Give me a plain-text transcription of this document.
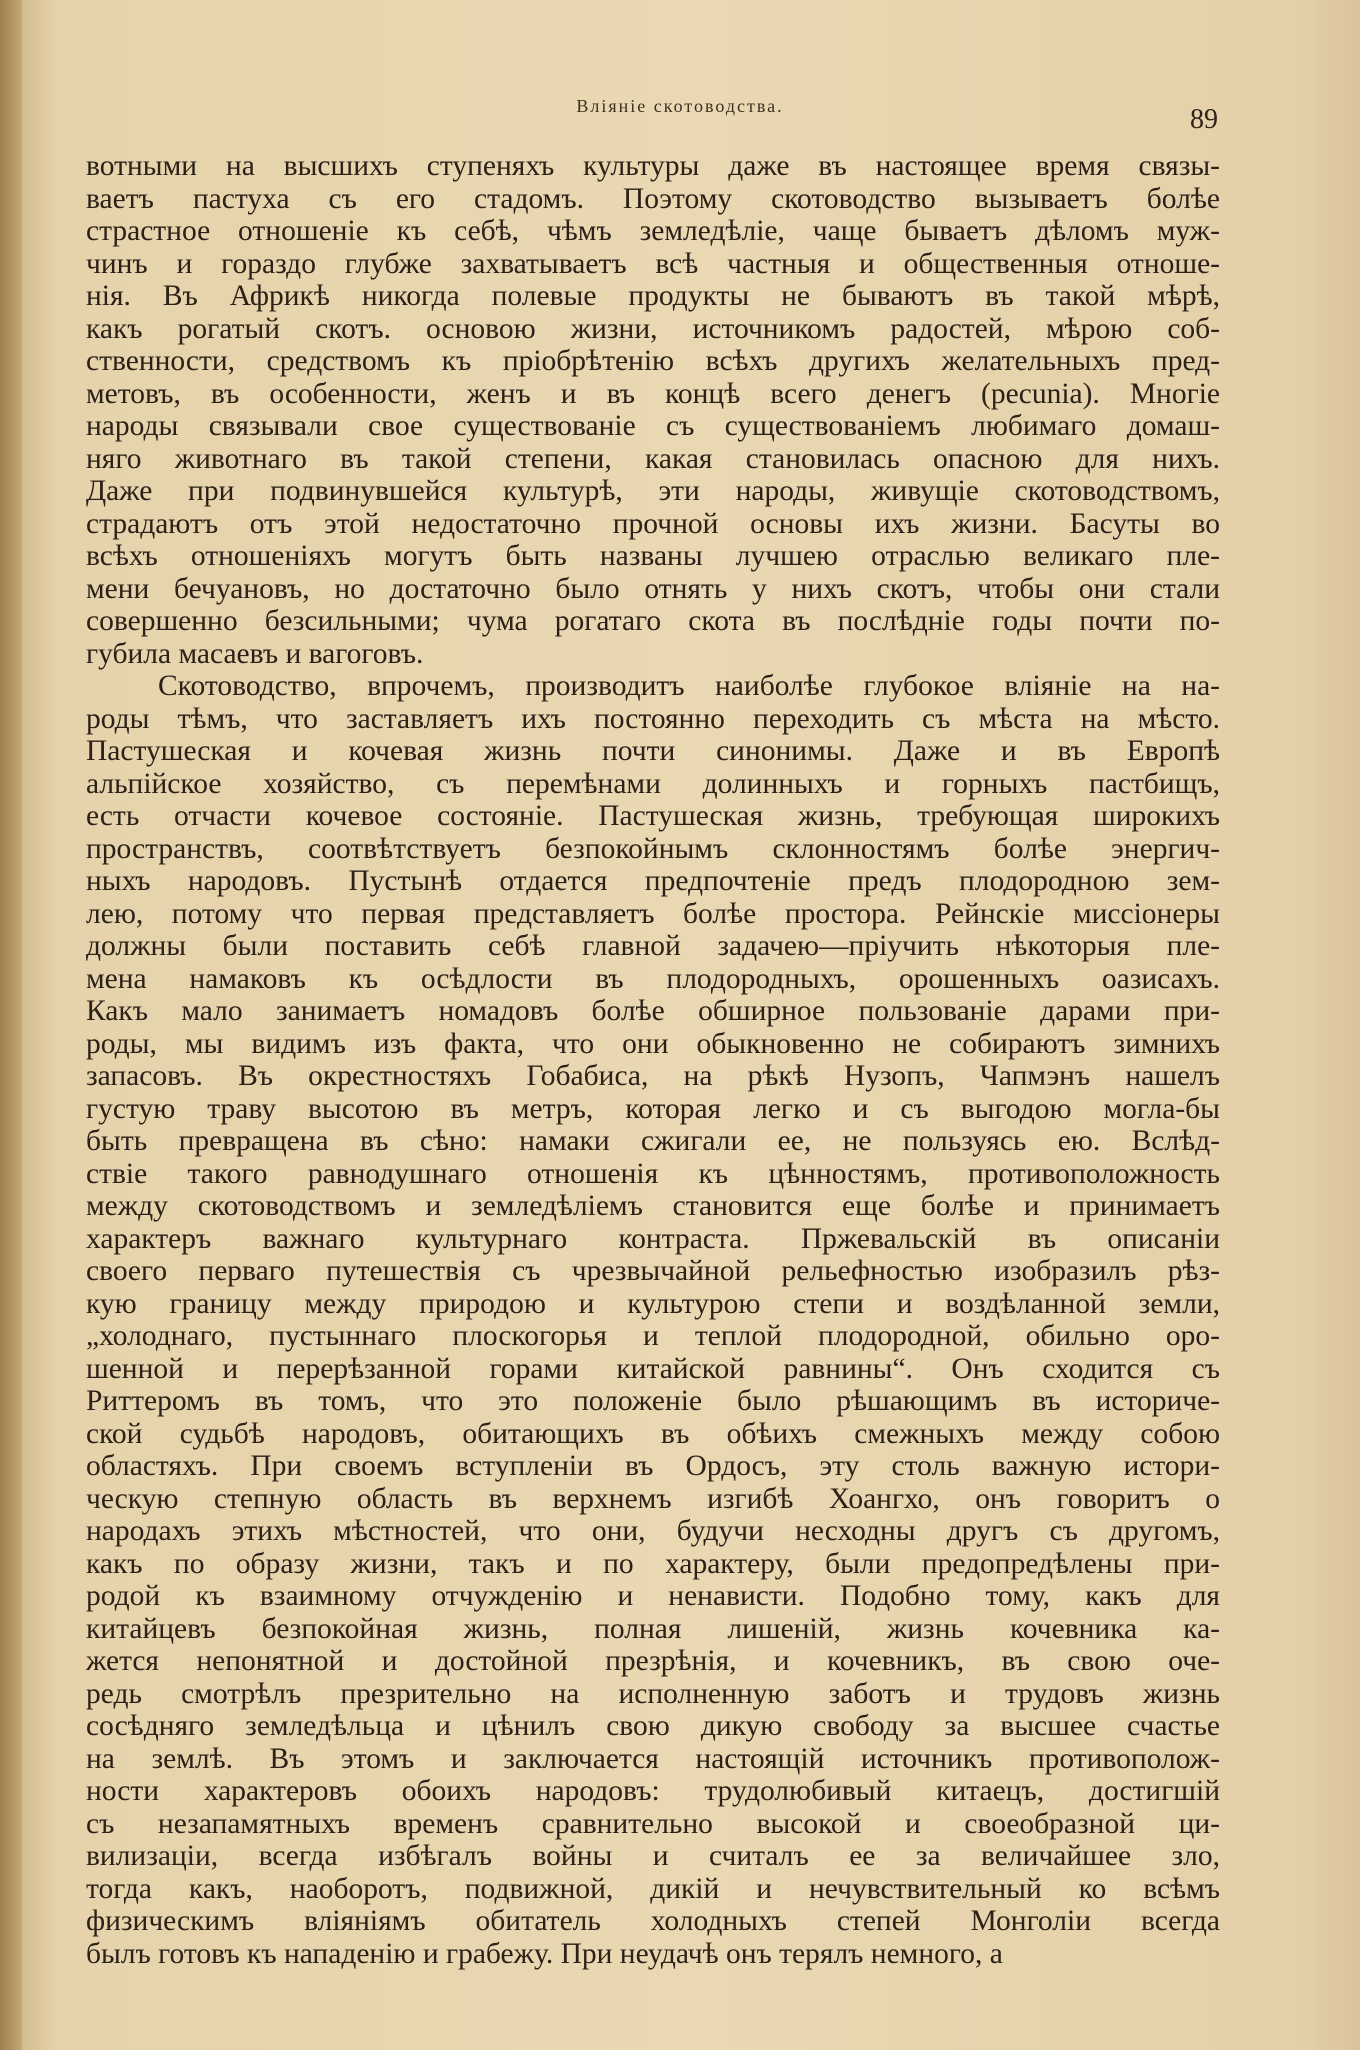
Вліяніе скотоводства.	89
вотными на высшихъ ступеняхъ культуры даже въ настоящее время связы-
ваетъ пастуха съ его стадомъ. Поэтому скотоводство вызываетъ болѣе
страстное отношеніе къ себѣ, чѣмъ земледѣліе, чаще бываетъ дѣломъ муж-
чинъ и гораздо глубже захватываетъ всѣ частныя и общественныя отноше-
нія. Въ Африкѣ никогда полевые продукты не бываютъ въ такой мѣрѣ,
какъ рогатый скотъ. основою жизни, источникомъ радостей, мѣрою соб-
ственности, средствомъ къ пріобрѣтенію всѣхъ другихъ желательныхъ пред-
метовъ, въ особенности, женъ и въ концѣ всего денегъ (pecunia). Многіе
народы связывали свое существованіе съ существованіемъ любимаго домаш-
няго животнаго въ такой степени, какая становилась опасною для нихъ.
Даже при подвинувшейся культурѣ, эти народы, живущіе скотоводствомъ,
страдаютъ отъ этой недостаточно прочной основы ихъ жизни. Басуты во
всѣхъ отношеніяхъ могутъ быть названы лучшею отраслью великаго пле-
мени бечуановъ, но достаточно было отнять у нихъ скотъ, чтобы они стали
совершенно безсильными; чума рогатаго скота въ послѣдніе годы почти по-
губила масаевъ и вагоговъ.
Скотоводство, впрочемъ, производитъ наиболѣе глубокое вліяніе на на-
роды тѣмъ, что заставляетъ ихъ постоянно переходить съ мѣста на мѣсто.
Пастушеская и кочевая жизнь почти синонимы. Даже и въ Европѣ
альпійское хозяйство, съ перемѣнами долинныхъ и горныхъ пастбищъ,
есть отчасти кочевое состояніе. Пастушеская жизнь, требующая широкихъ
пространствъ, соотвѣтствуетъ безпокойнымъ склонностямъ болѣе энергич-
ныхъ народовъ. Пустынѣ отдается предпочтеніе предъ плодородною зем-
лею, потому что первая представляетъ болѣе простора. Рейнскіе миссіонеры
должны были поставить себѣ главной задачею—пріучить нѣкоторыя пле-
мена намаковъ къ осѣдлости въ плодородныхъ, орошенныхъ оазисахъ.
Какъ мало занимаетъ номадовъ болѣе обширное пользованіе дарами при-
роды, мы видимъ изъ факта, что они обыкновенно не собираютъ зимнихъ
запасовъ. Въ окрестностяхъ Гобабиса, на рѣкѣ Нузопъ, Чапмэнъ нашелъ
густую траву высотою въ метръ, которая легко и съ выгодою могла-бы
быть превращена въ сѣно: намаки сжигали ее, не пользуясь ею. Вслѣд-
ствіе такого равнодушнаго отношенія къ цѣнностямъ, противоположность
между скотоводствомъ и земледѣліемъ становится еще болѣе и принимаетъ
характеръ важнаго культурнаго контраста. Пржевальскій въ описаніи
своего перваго путешествія съ чрезвычайной рельефностью изобразилъ рѣз-
кую границу между природою и культурою степи и воздѣланной земли,
„холоднаго, пустыннаго плоскогорья и теплой плодородной, обильно оро-
шенной и перерѣзанной горами китайской равнины“. Онъ сходится съ
Риттеромъ въ томъ, что это положеніе было рѣшающимъ въ историче-
ской судьбѣ народовъ, обитающихъ въ обѣихъ смежныхъ между собою
областяхъ. При своемъ вступленіи въ Ордосъ, эту столь важную истори-
ческую степную область въ верхнемъ изгибѣ Хоангхо, онъ говоритъ о
народахъ этихъ мѣстностей, что они, будучи несходны другъ съ другомъ,
какъ по образу жизни, такъ и по характеру, были предопредѣлены при-
родой къ взаимному отчужденію и ненависти. Подобно тому, какъ для
китайцевъ безпокойная жизнь, полная лишеній, жизнь кочевника ка-
жется непонятной и достойной презрѣнія, и кочевникъ, въ свою оче-
редь смотрѣлъ презрительно на исполненную заботъ и трудовъ жизнь
сосѣдняго земледѣльца и цѣнилъ свою дикую свободу за высшее счастье
на землѣ. Въ этомъ и заключается настоящій источникъ противополож-
ности характеровъ обоихъ народовъ: трудолюбивый китаецъ, достигшій
съ незапамятныхъ временъ сравнительно высокой и своеобразной ци-
вилизаціи, всегда избѣгалъ войны и считалъ ее за величайшее зло,
тогда какъ, наоборотъ, подвижной, дикій и нечувствительный ко всѣмъ
физическимъ вліяніямъ обитатель холодныхъ степей Монголіи всегда
былъ готовъ къ нападенію и грабежу. При неудачѣ онъ терялъ немного, а
